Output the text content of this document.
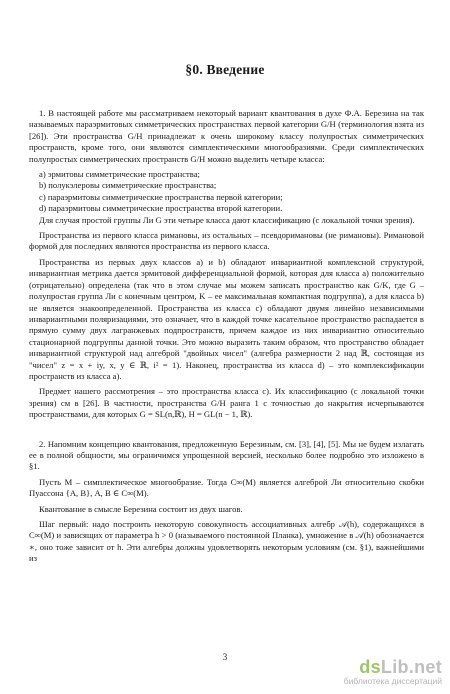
§0. Введение

1. В настоящей работе мы рассматриваем некоторый вариант квантования в духе Ф.А. Березина на так называемых параэрмитовых симметрических пространствах первой категории G/H (терминология взята из [26]). Эти пространства G/H принадлежат к очень широкому классу полупростых симметрических пространств, кроме того, они являются симплектическими многообразиями. Среди симплектических полупростых симметрических пространств G/H можно выделить четыре класса:

a) эрмитовы симметрические пространства;
b) полукэлеровы симметрические пространства;
c) параэрмитовы симметрические пространства первой категории;
d) параэрмитовы симметрические пространства второй категории.

Для случая простой группы Ли G эти четыре класса дают классификацию (с локальной точки зрения).

Пространства из первого класса римановы, из остальных – псевдоримановы (не римановы). Римановой формой для последних являются пространства из первого класса.

Пространства из первых двух классов a) и b) обладают инвариантной комплексной структурой, инвариантная метрика дается эрмитовой дифференциальной формой, которая для класса a) положительно (отрицательно) определена (так что в этом случае мы можем записать пространство как G/K, где G – полупростая группа Ли с конечным центром, K – ее максимальная компактная подгруппа), а для класса b) не является знакоопределенной. Пространства из класса c) обладают двумя линейно независимыми инвариантными поляризациями, это означает, что в каждой точке касательное пространство распадается в прямую сумму двух лагранжевых подпространств, причем каждое из них инвариантно относительно стационарной подгруппы данной точки. Это можно выразить таким образом, что пространство обладает инвариантной структурой над алгеброй "двойных чисел" (алгебра размерности 2 над ℝ, состоящая из "чисел" z = x + iy, x, y ∈ ℝ, i² = 1). Наконец, пространства из класса d) – это комплексификации пространств из класса a).

Предмет нашего рассмотрения – это пространства класса c). Их классификацию (с локальной точки зрения) см в [26]. В частности, пространства G/H ранга 1 с точностью до накрытия исчерпываются пространствами, для которых G = SL(n,ℝ), H = GL(n − 1, ℝ).

2. Напомним концепцию квантования, предложенную Березиным, см. [3], [4], [5]. Мы не будем излагать ее в полной общности, мы ограничимся упрощенной версией, несколько более подробно это изложено в §1.

Пусть M – симплектическое многообразие. Тогда C∞(M) является алгеброй Ли относительно скобки Пуассона {A, B}, A, B ∈ C∞(M).

Квантование в смысле Березина состоит из двух шагов.

Шаг первый: надо построить некоторую совокупность ассоциативных алгебр 𝒜(h), содержащихся в C∞(M) и зависящих от параметра h > 0 (называемого постоянной Планка), умножение в 𝒜(h) обозначается ∗, оно тоже зависит от h. Эти алгебры должны удовлетворять некоторым условиям (см. §1), важнейшими из

3	dsLib.net
библиотека диссертаций
